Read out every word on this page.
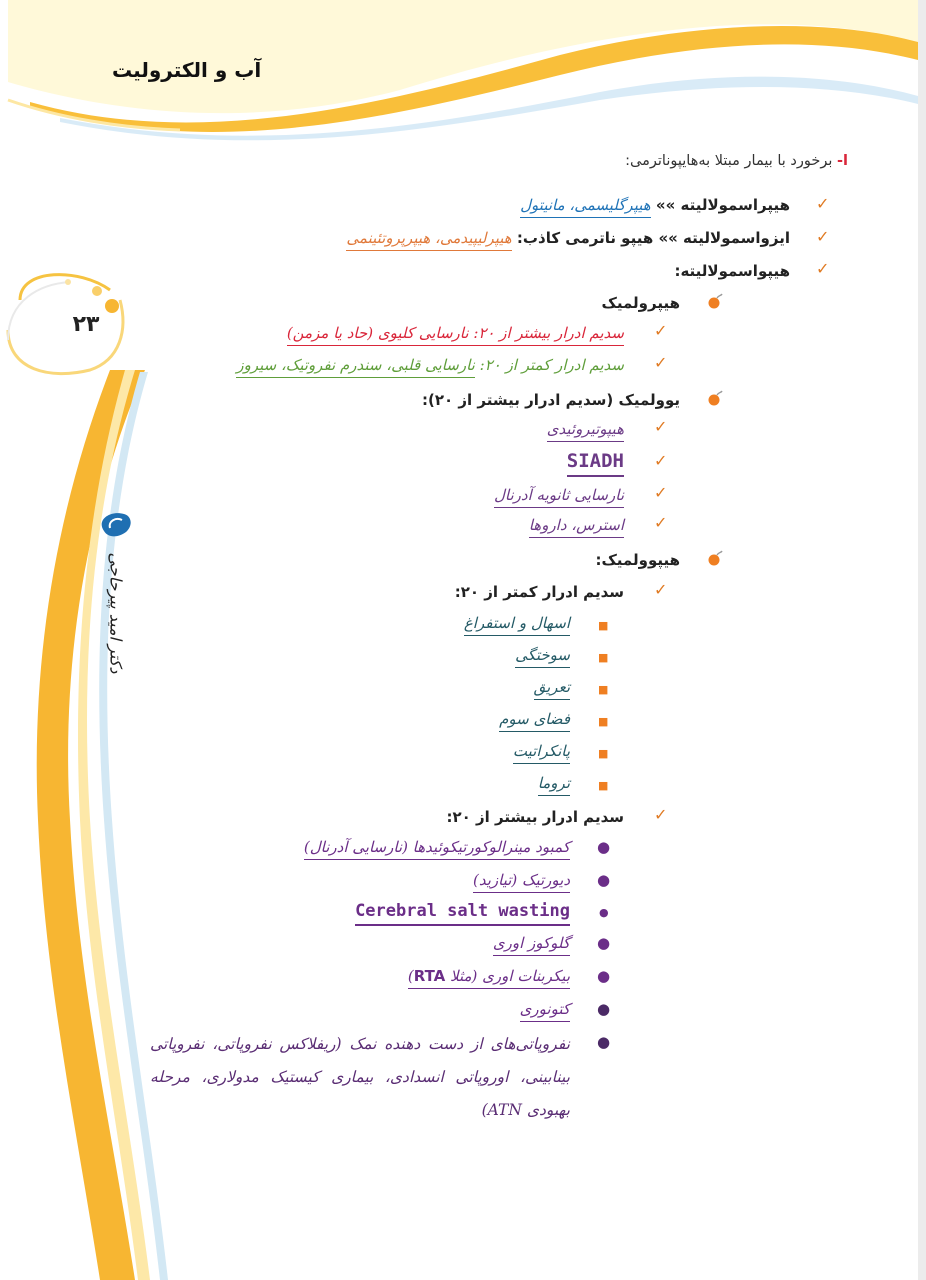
آب و الکترولیت
۲۳
دکتر امید پیرحاجی
ا- برخورد با بیمار مبتلا به‌هایپوناترمی:
✓
هیپراسمولالیته »» هیپرگلیسمی، مانیتول
✓
ایزواسمولالیته »» هیپو ناترمی کاذب: هیپرلیپیدمی، هیپرپروتئینمی
✓
هیپواسمولالیته:
هیپرولمیک
✓
سدیم ادرار بیشتر از ۲۰: نارسایی کلیوی (حاد یا مزمن)
✓
سدیم ادرار کمتر از ۲۰: نارسایی قلبی، سندرم نفروتیک، سیروز
یوولمیک (سدیم ادرار بیشتر از ۲۰):
✓
هیپوتیروئیدی
✓
SIADH
✓
نارسایی ثانویه آدرنال
✓
استرس، داروها
هیپوولمیک:
✓
سدیم ادرار کمتر از ۲۰:
■
اسهال و استفراغ
■
سوختگی
■
تعریق
■
فضای سوم
■
پانکراتیت
■
تروما
✓
سدیم ادرار بیشتر از ۲۰:
●
کمبود مینرالوکورتیکوئیدها (نارسایی آدرنال)
●
دیورتیک (تیازید)
●
Cerebral salt wasting
●
گلوکوز اوری
●
بیکربنات اوری (مثلا RTA)
●
کتونوری
●
نفروپاتی‌های از دست دهنده نمک (ریفلاکس نفروپاتی، نفروپاتی بینابینی، اوروپاتی انسدادی، بیماری کیستیک مدولاری، مرحله بهبودی ATN)
